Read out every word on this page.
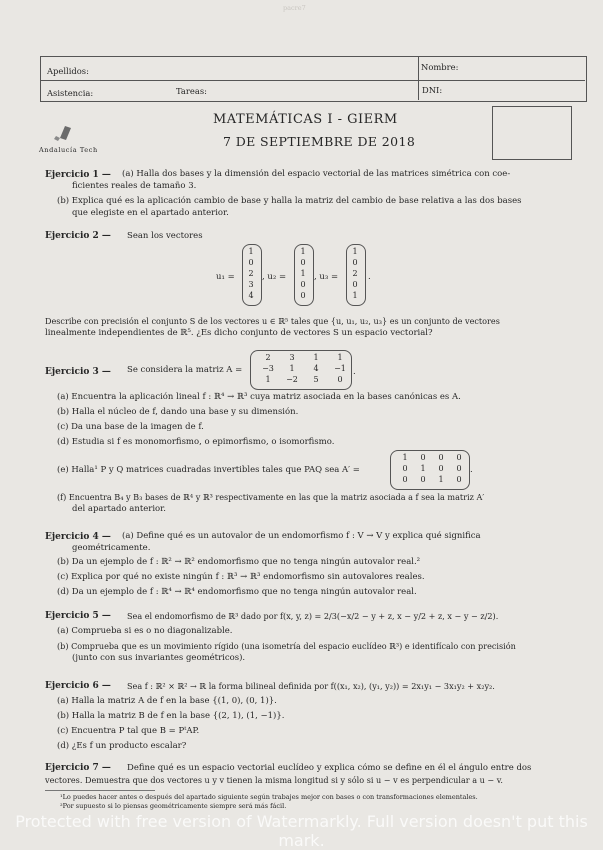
pacre7
Apellidos:	Nombre:
Asistencia:	Tareas:	DNI:
Andalucía Tech
MATEMÁTICAS I - GIERM
7 DE SEPTIEMBRE DE 2018
Ejercicio 1 — (a) Halla dos bases y la dimensión del espacio vectorial de las matrices simétrica con coe-
ficientes reales de tamaño 3.
(b) Explica qué es la aplicación cambio de base y halla la matriz del cambio de base relativa a las dos bases
que elegiste en el apartado anterior.
Ejercicio 2 — Sean los vectores
u₁ =
1
0
2
3
4
, u₂ =
1
0
1
0
0
, u₃ =
1
0
2
0
1
.
Describe con precisión el conjunto S de los vectores u ∈ ℝ⁵ tales que {u, u₁, u₂, u₃} es un conjunto de vectores
linealmente independientes de ℝ⁵. ¿Es dicho conjunto de vectores S un espacio vectorial?
Ejercicio 3 — Se considera la matriz A =
2	3	1	1
−3	1	4	−1
1	−2	5	0
.
(a) Encuentra la aplicación lineal f : ℝ⁴ → ℝ³ cuya matriz asociada en la bases canónicas es A.
(b) Halla el núcleo de f, dando una base y su dimensión.
(c) Da una base de la imagen de f.
(d) Estudia si f es monomorfismo, o epimorfismo, o isomorfismo.
(e) Halla¹ P y Q matrices cuadradas invertibles tales que PAQ sea A′ =
1	0	0	0
0	1	0	0
0	0	1	0
.
(f) Encuentra B₄ y B₃ bases de ℝ⁴ y ℝ³ respectivamente en las que la matriz asociada a f sea la matriz A′
del apartado anterior.
Ejercicio 4 — (a) Define qué es un autovalor de un endomorfismo f : V → V y explica qué significa
geométricamente.
(b) Da un ejemplo de f : ℝ² → ℝ² endomorfismo que no tenga ningún autovalor real.²
(c) Explica por qué no existe ningún f : ℝ³ → ℝ³ endomorfismo sin autovalores reales.
(d) Da un ejemplo de f : ℝ⁴ → ℝ⁴ endomorfismo que no tenga ningún autovalor real.
Ejercicio 5 — Sea el endomorfismo de ℝ³ dado por f(x, y, z) = 2/3(−x/2 − y + z, x − y/2 + z, x − y − z/2).
(a) Comprueba si es o no diagonalizable.
(b) Comprueba que es un movimiento rígido (una isometría del espacio euclídeo ℝ³) e identifícalo con precisión
(junto con sus invariantes geométricos).
Ejercicio 6 — Sea f : ℝ² × ℝ² → ℝ la forma bilineal definida por f((x₁, x₂), (y₁, y₂)) = 2x₁y₁ − 3x₁y₂ + x₂y₂.
(a) Halla la matriz A de f en la base {(1, 0), (0, 1)}.
(b) Halla la matriz B de f en la base {(2, 1), (1, −1)}.
(c) Encuentra P tal que B = PᵗAP.
(d) ¿Es f un producto escalar?
Ejercicio 7 — Define qué es un espacio vectorial euclídeo y explica cómo se define en él el ángulo entre dos
vectores. Demuestra que dos vectores u y v tienen la misma longitud si y sólo si u − v es perpendicular a u − v.
¹Lo puedes hacer antes o después del apartado siguiente según trabajes mejor con bases o con transformaciones elementales.
²Por supuesto si lo piensas geométricamente siempre será más fácil.
Protected with free version of Watermarkly. Full version doesn't put this mark.
